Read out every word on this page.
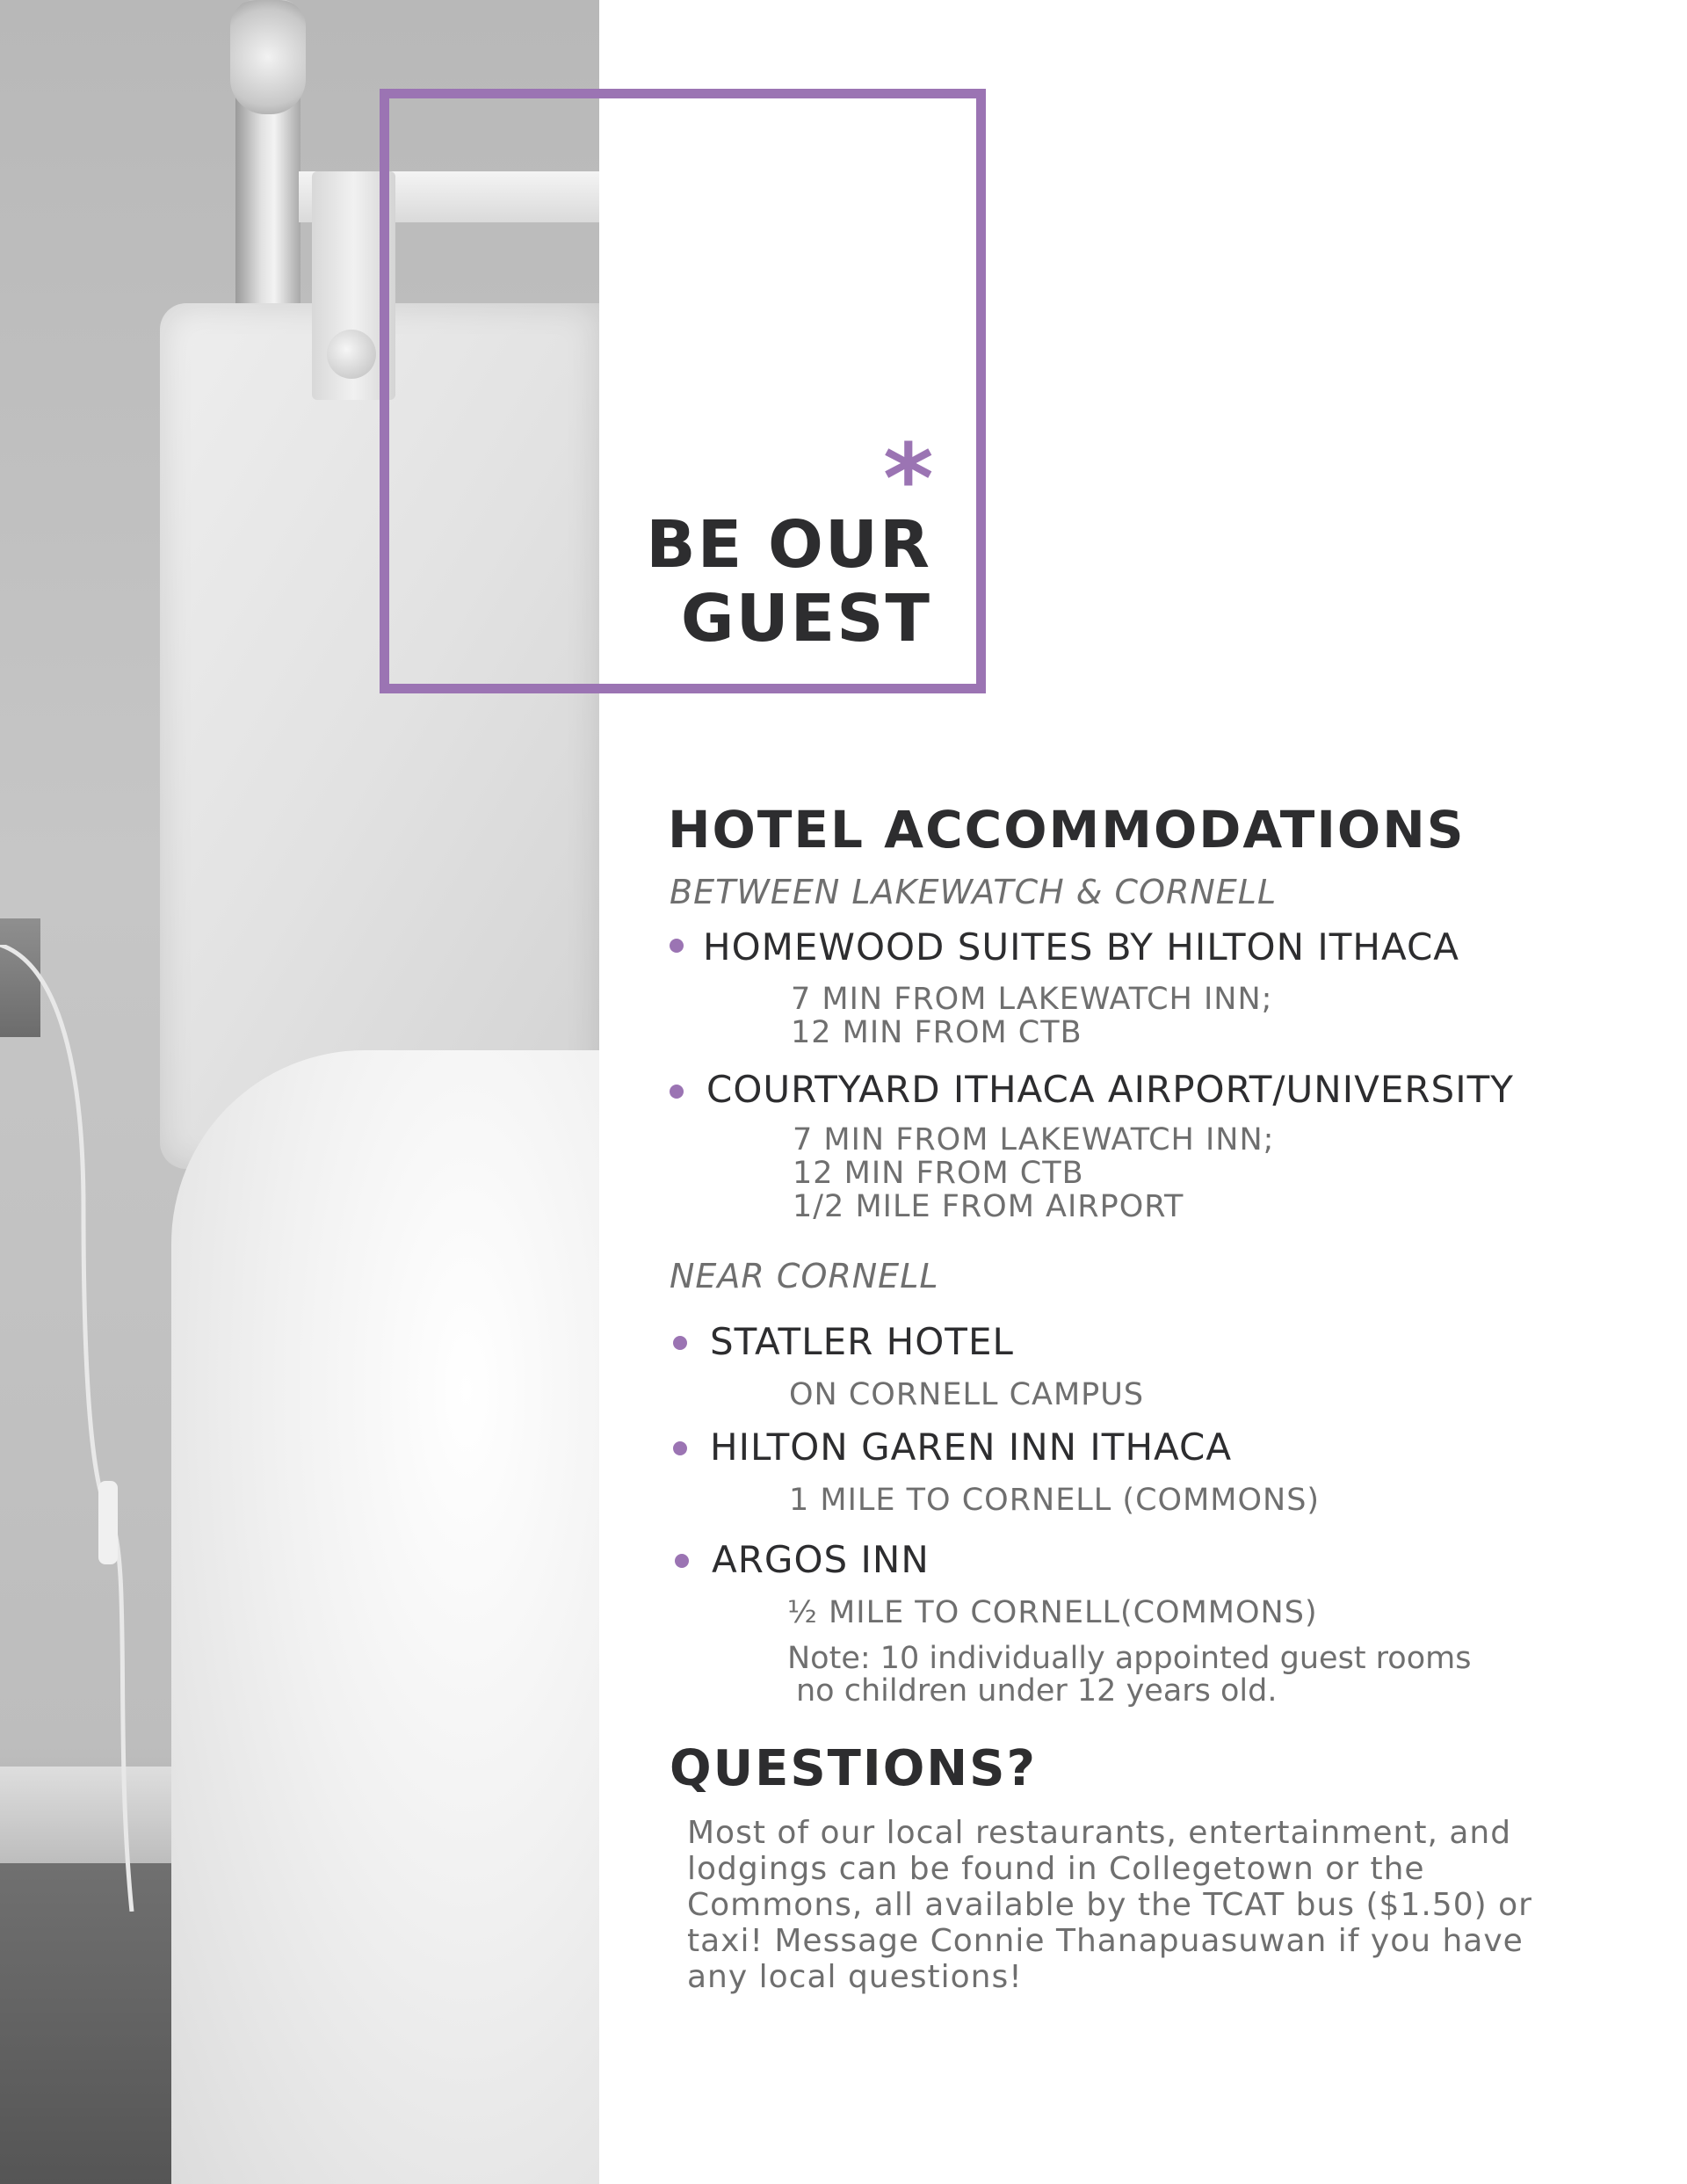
*
BE OUR
GUEST
HOTEL ACCOMMODATIONS
BETWEEN LAKEWATCH & CORNELL
HOMEWOOD SUITES BY HILTON ITHACA
7 MIN FROM LAKEWATCH INN;
12 MIN FROM CTB
COURTYARD ITHACA AIRPORT/UNIVERSITY
7 MIN FROM LAKEWATCH INN;
12 MIN FROM CTB
1/2 MILE FROM AIRPORT
NEAR CORNELL
STATLER HOTEL
ON CORNELL CAMPUS
HILTON GAREN INN ITHACA
1 MILE TO CORNELL (COMMONS)
ARGOS INN
½ MILE TO CORNELL(COMMONS)
Note: 10 individually appointed guest rooms
no children under 12 years old.
QUESTIONS?
Most of our local restaurants, entertainment, and
lodgings can be found in Collegetown or the
Commons, all available by the TCAT bus ($1.50) or
taxi! Message Connie Thanapuasuwan if you have
any local questions!
